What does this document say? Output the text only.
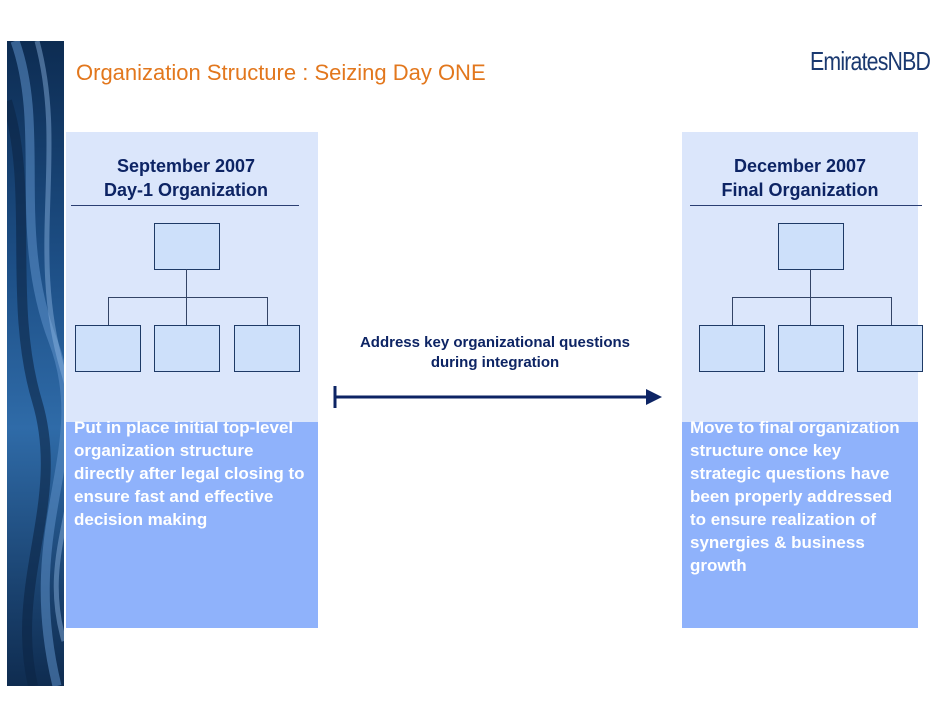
Organization Structure : Seizing Day ONE	EmiratesNBD
September 2007
Day-1 Organization
Put in place initial top-level organization structure directly after legal closing to ensure fast and effective decision making
December 2007
Final Organization
Move to final organization structure once key strategic questions have been properly addressed to ensure realization of synergies & business growth
Address key organizational questions during integration
